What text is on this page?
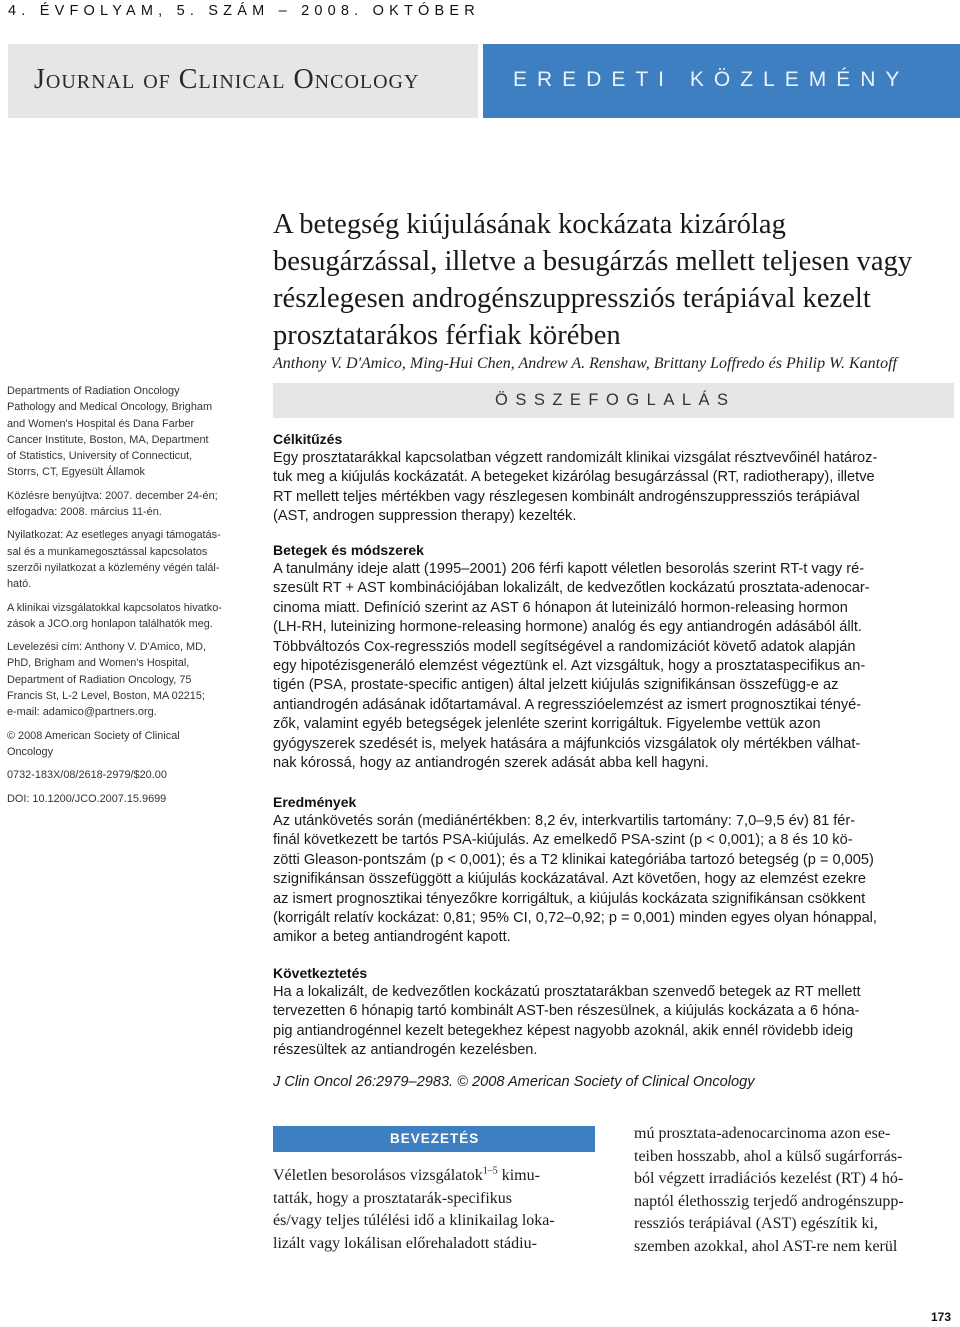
4. ÉVFOLYAM, 5. SZÁM – 2008. OKTÓBER
Journal of Clinical Oncology	EREDETI KÖZLEMÉNY
A betegség kiújulásának kockázata kizárólag
besugárzással, illetve a besugárzás mellett teljesen vagy
részlegesen androgénszuppressziós terápiával kezelt
prosztatarákos férfiak körében
Anthony V. D'Amico, Ming-Hui Chen, Andrew A. Renshaw, Brittany Loffredo és Philip W. Kantoff
Departments of Radiation Oncology
Pathology and Medical Oncology, Brigham
and Women's Hospital és Dana Farber
Cancer Institute, Boston, MA, Department
of Statistics, University of Connecticut,
Storrs, CT, Egyesült Államok
Közlésre benyújtva: 2007. december 24-én;
elfogadva: 2008. március 11-én.
Nyilatkozat: Az esetleges anyagi támogatás-
sal és a munkamegosztással kapcsolatos
szerzői nyilatkozat a közlemény végén talál-
ható.
A klinikai vizsgálatokkal kapcsolatos hivatko-
zások a JCO.org honlapon találhatók meg.
Levelezési cím: Anthony V. D'Amico, MD,
PhD, Brigham and Women's Hospital,
Department of Radiation Oncology, 75
Francis St, L-2 Level, Boston, MA 02215;
e-mail: adamico@partners.org.
© 2008 American Society of Clinical
Oncology
0732-183X/08/2618-2979/$20.00
DOI: 10.1200/JCO.2007.15.9699
ÖSSZEFOGLALÁS
Célkitűzés
Egy prosztatarákkal kapcsolatban végzett randomizált klinikai vizsgálat résztvevőinél határoz-
tuk meg a kiújulás kockázatát. A betegeket kizárólag besugárzással (RT, radiotherapy), illetve
RT mellett teljes mértékben vagy részlegesen kombinált androgénszuppressziós terápiával
(AST, androgen suppression therapy) kezelték.
Betegek és módszerek
A tanulmány ideje alatt (1995–2001) 206 férfi kapott véletlen besorolás szerint RT-t vagy ré-
szesült RT + AST kombinációjában lokalizált, de kedvezőtlen kockázatú prosztata-adenocar-
cinoma miatt. Definíció szerint az AST 6 hónapon át luteinizáló hormon-releasing hormon
(LH-RH, luteinizing hormone-releasing hormone) analóg és egy antiandrogén adásából állt.
Többváltozós Cox-regressziós modell segítségével a randomizációt követő adatok alapján
egy hipotézisgeneráló elemzést végeztünk el. Azt vizsgáltuk, hogy a prosztataspecifikus an-
tigén (PSA, prostate-specific antigen) által jelzett kiújulás szignifikánsan összefügg-e az
antiandrogén adásának időtartamával. A regresszióelemzést az ismert prognosztikai tényé-
zők, valamint egyéb betegségek jelenléte szerint korrigáltuk. Figyelembe vettük azon
gyógyszerek szedését is, melyek hatására a májfunkciós vizsgálatok oly mértékben válhat-
nak kórossá, hogy az antiandrogén szerek adását abba kell hagyni.
Eredmények
Az utánkövetés során (mediánértékben: 8,2 év, interkvartilis tartomány: 7,0–9,5 év) 81 fér-
finál következett be tartós PSA-kiújulás. Az emelkedő PSA-szint (p < 0,001); a 8 és 10 kö-
zötti Gleason-pontszám (p < 0,001); és a T2 klinikai kategóriába tartozó betegség (p = 0,005)
szignifikánsan összefüggött a kiújulás kockázatával. Azt követően, hogy az elemzést ezekre
az ismert prognosztikai tényezőkre korrigáltuk, a kiújulás kockázata szignifikánsan csökkent
(korrigált relatív kockázat: 0,81; 95% CI, 0,72–0,92; p = 0,001) minden egyes olyan hónappal,
amikor a beteg antiandrogént kapott.
Következtetés
Ha a lokalizált, de kedvezőtlen kockázatú prosztatarákban szenvedő betegek az RT mellett
tervezetten 6 hónapig tartó kombinált AST-ben részesülnek, a kiújulás kockázata a 6 hóna-
pig antiandrogénnel kezelt betegekhez képest nagyobb azoknál, akik ennél rövidebb ideig
részesültek az antiandrogén kezelésben.
J Clin Oncol 26:2979–2983. © 2008 American Society of Clinical Oncology
BEVEZETÉS
Véletlen besorolásos vizsgálatok$^{1-5}$ kimu-
tatták, hogy a prosztatarák-specifikus
és/vagy teljes túlélési idő a klinikailag loka-
lizált vagy lokálisan előrehaladott stádiu-
mú prosztata-adenocarcinoma azon ese-
teiben hosszabb, ahol a külső sugárforrás-
ból végzett irradiációs kezelést (RT) 4 hó-
naptól élethosszig terjedő androgénszupp-
ressziós terápiával (AST) egészítik ki,
szemben azokkal, ahol AST-re nem kerül
173
